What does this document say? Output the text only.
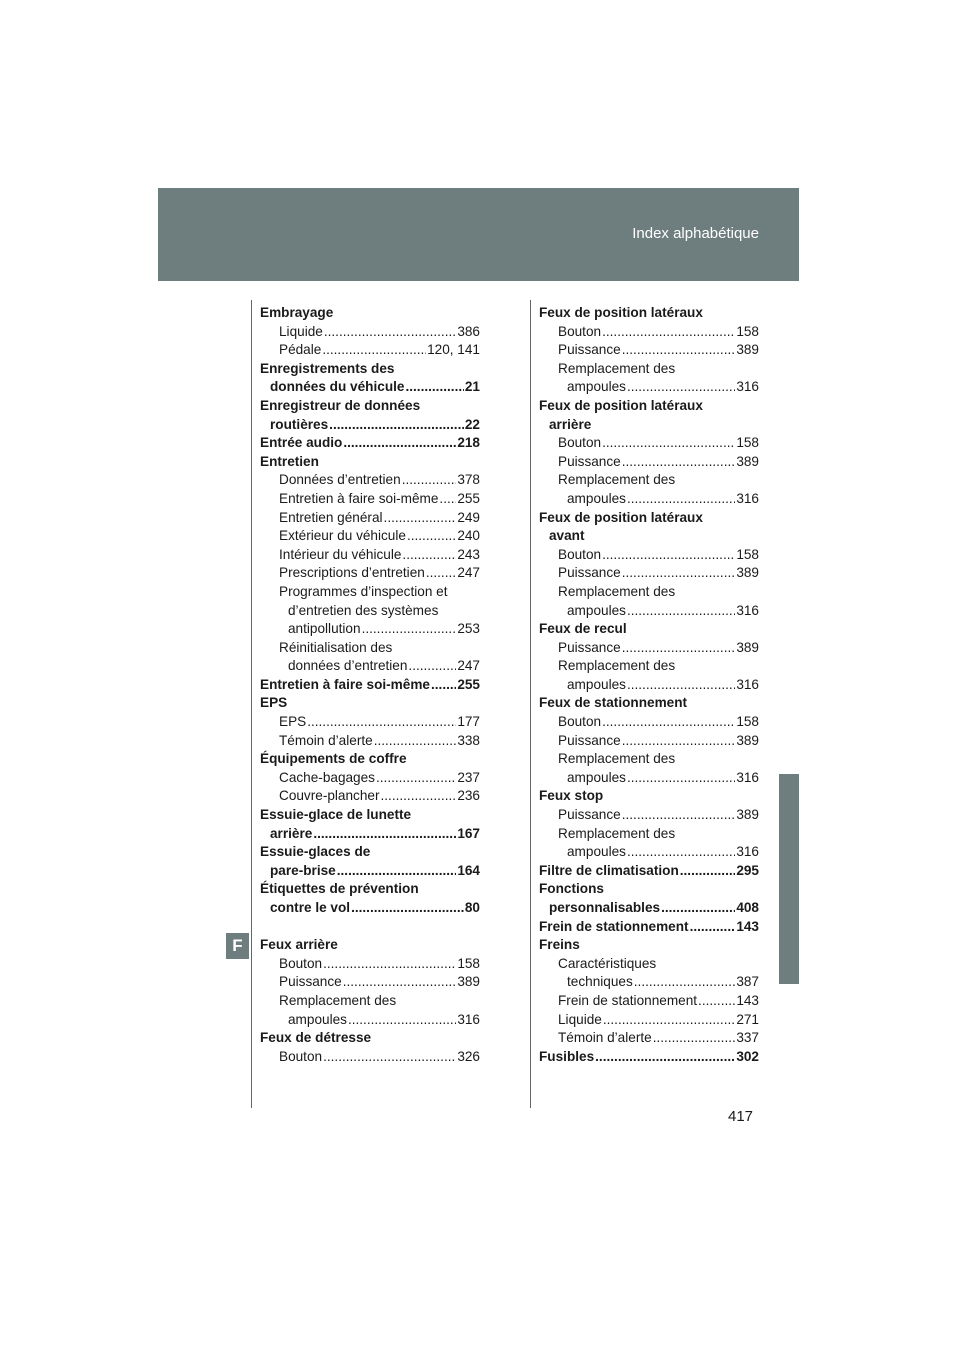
Index alphabétique
F
Embrayage
Liquide .....	386
Pédale .....	120, 141
Enregistrements des
données du véhicule .....	21
Enregistreur de données
routières .....	22
Entrée audio .....	218
Entretien
Données d’entretien .....	378
Entretien à faire soi-même ..... 255
Entretien général .....	249
Extérieur du véhicule .....	240
Intérieur du véhicule .....	243
Prescriptions d’entretien ..... 247
Programmes d’inspection et
d’entretien des systèmes
antipollution .....	253
Réinitialisation des
données d’entretien .....	247
Entretien à faire soi-même ..... 255
EPS
EPS .....	177
Témoin d’alerte .....	338
Équipements de coffre
Cache-bagages .....	237
Couvre-plancher .....	236
Essuie-glace de lunette
arrière .....	167
Essuie-glaces de
pare-brise .....	164
Étiquettes de prévention
contre le vol .....	80
Feux arrière
Bouton .....	158
Puissance .....	389
Remplacement des
ampoules .....	316
Feux de détresse
Bouton .....	326
Feux de position latéraux
Bouton .....	158
Puissance .....	389
Remplacement des
ampoules .....	316
Feux de position latéraux
arrière
Bouton .....	158
Puissance .....	389
Remplacement des
ampoules .....	316
Feux de position latéraux
avant
Bouton .....	158
Puissance .....	389
Remplacement des
ampoules .....	316
Feux de recul
Puissance .....	389
Remplacement des
ampoules .....	316
Feux de stationnement
Bouton .....	158
Puissance .....	389
Remplacement des
ampoules .....	316
Feux stop
Puissance .....	389
Remplacement des
ampoules .....	316
Filtre de climatisation .....	295
Fonctions
personnalisables .....	408
Frein de stationnement .....	143
Freins
Caractéristiques
techniques .....	387
Frein de stationnement .....	143
Liquide .....	271
Témoin d’alerte .....	337
Fusibles .....	302
417
